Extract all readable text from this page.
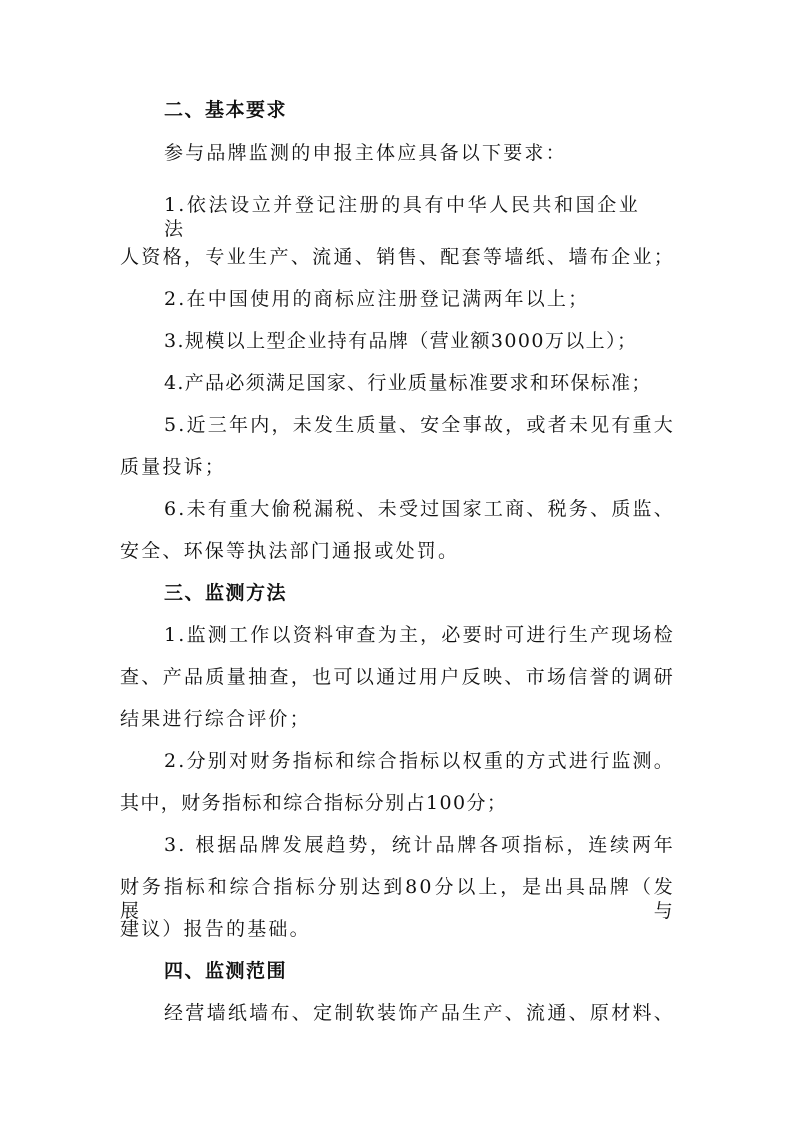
二、基本要求
参与品牌监测的申报主体应具备以下要求：
1.依法设立并登记注册的具有中华人民共和国企业法
人资格，专业生产、流通、销售、配套等墙纸、墙布企业；
2.在中国使用的商标应注册登记满两年以上；
3.规模以上型企业持有品牌（营业额3000万以上）；
4.产品必须满足国家、行业质量标准要求和环保标准；
5.近三年内，未发生质量、安全事故，或者未见有重大
质量投诉；
6.未有重大偷税漏税、未受过国家工商、税务、质监、
安全、环保等执法部门通报或处罚。
三、监测方法
1.监测工作以资料审查为主，必要时可进行生产现场检
查、产品质量抽查，也可以通过用户反映、市场信誉的调研
结果进行综合评价；
2.分别对财务指标和综合指标以权重的方式进行监测。
其中，财务指标和综合指标分别占100分；
3. 根据品牌发展趋势，统计品牌各项指标，连续两年
财务指标和综合指标分别达到80分以上，是出具品牌（发展与
建议）报告的基础。
四、监测范围
经营墙纸墙布、定制软装饰产品生产、流通、原材料、
